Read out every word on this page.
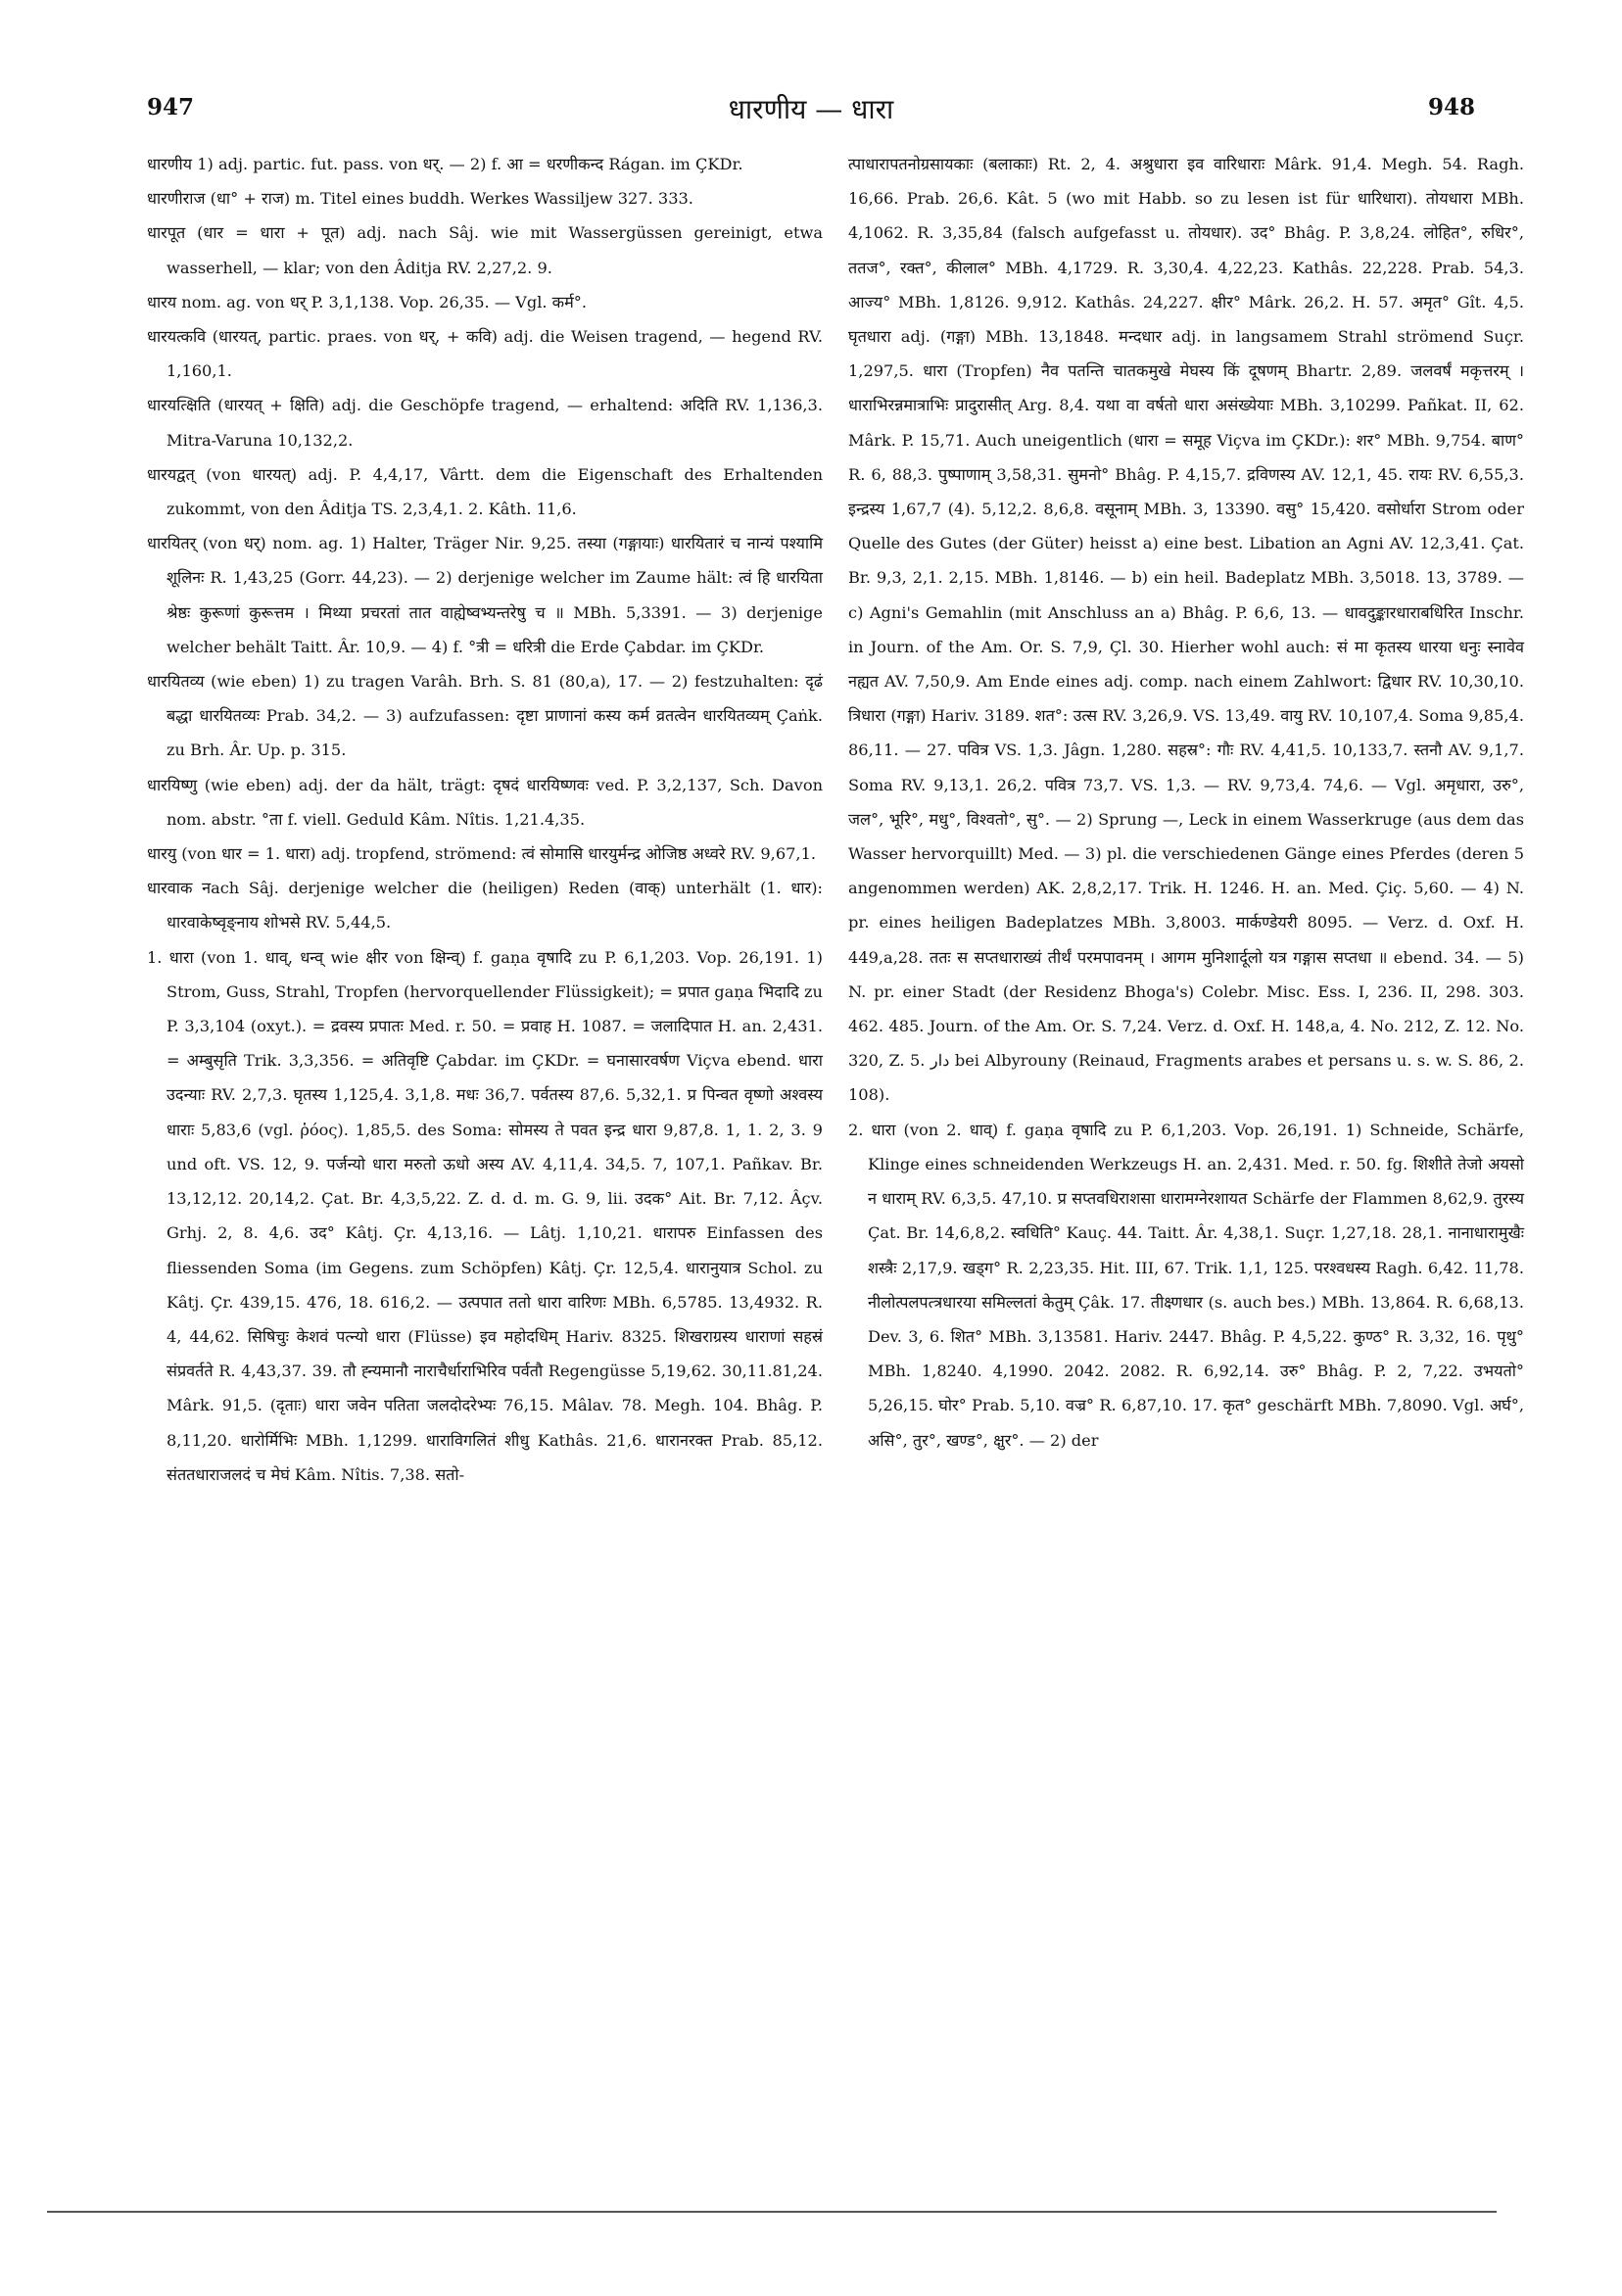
947	धारणीय — धारा	948

धारणीय 1) adj. partic. fut. pass. von धर्. — 2) f. आ = धरणीकन्द Rágan. im ÇKDr.

धारणीराज (धा° + राज) m. Titel eines buddh. Werkes Wassiljew 327. 333.

धारपूत (धार = धारा + पूत) adj. nach Sâj. wie mit Wassergüssen gereinigt, etwa wasserhell, — klar; von den Âditja RV. 2,27,2. 9.

धारय nom. ag. von धर् P. 3,1,138. Vop. 26,35. — Vgl. कर्म°.

धारयत्कवि (धारयत्, partic. praes. von धर्, + कवि) adj. die Weisen tragend, — hegend RV. 1,160,1.

धारयत्क्षिति (धारयत् + क्षिति) adj. die Geschöpfe tragend, — erhaltend: अदिति RV. 1,136,3. Mitra-Varuna 10,132,2.

धारयद्वत् (von धारयत्) adj. P. 4,4,17, Vârtt. dem die Eigenschaft des Erhaltenden zukommt, von den Âditja TS. 2,3,4,1. 2. Kâth. 11,6.

धारयितर् (von धर्) nom. ag. 1) Halter, Träger Nir. 9,25. तस्या (गङ्गायाः) धारयितारं च नान्यं पश्यामि शूलिनः R. 1,43,25 (Gorr. 44,23). — 2) derjenige welcher im Zaume hält: त्वं हि धारयिता श्रेष्ठः कुरूणां कुरूत्तम । मिथ्या प्रचरतां तात वाह्येष्वभ्यन्तरेषु च ॥ MBh. 5,3391. — 3) derjenige welcher behält Taitt. Âr. 10,9. — 4) f. °त्री = धरित्री die Erde Çabdar. im ÇKDr.

धारयितव्य (wie eben) 1) zu tragen Varâh. Brh. S. 81 (80,a), 17. — 2) festzuhalten: दृढं बद्धा धारयितव्यः Prab. 34,2. — 3) aufzufassen: दृष्टा प्राणानां कस्य कर्म व्रतत्वेन धारयितव्यम् Çaṅk. zu Brh. Âr. Up. p. 315.

धारयिष्णु (wie eben) adj. der da hält, trägt: दृषदं धारयिष्णवः ved. P. 3,2,137, Sch. Davon nom. abstr. °ता f. viell. Geduld Kâm. Nîtis. 1,21.4,35.

धारयु (von धार = 1. धारा) adj. tropfend, strömend: त्वं सोमासि धारयुर्मन्द्र ओजिष्ठ अध्वरे RV. 9,67,1.

धारवाक नach Sâj. derjenige welcher die (heiligen) Reden (वाक्) unterhält (1. धार): धारवाकेष्वृङ्नाय शोभसे RV. 5,44,5.

1. धारा (von 1. धाव्, धन्व् wie क्षीर von क्षिन्व्) f. gaṇa वृषादि zu P. 6,1,203. Vop. 26,191. 1) Strom, Guss, Strahl, Tropfen (hervorquellender Flüssigkeit); = प्रपात gaṇa भिदादि zu P. 3,3,104 (oxyt.). = द्रवस्य प्रपातः Med. r. 50. = प्रवाह H. 1087. = जलादिपात H. an. 2,431. = अम्बुसृति Trik. 3,3,356. = अतिवृष्टि Çabdar. im ÇKDr. = घनासारवर्षण Viçva ebend. धारा उदन्याः RV. 2,7,3. घृतस्य 1,125,4. 3,1,8. मधः 36,7. पर्वतस्य 87,6. 5,32,1. प्र पिन्वत वृष्णो अश्वस्य धाराः 5,83,6 (vgl. ῥόος). 1,85,5. des Soma: सोमस्य ते पवत इन्द्र धारा 9,87,8. 1, 1. 2, 3. 9 und oft. VS. 12, 9. पर्जन्यो धारा मरुतो ऊधो अस्य AV. 4,11,4. 34,5. 7, 107,1. Pañkav. Br. 13,12,12. 20,14,2. Çat. Br. 4,3,5,22. Z. d. d. m. G. 9, lii. उदक° Ait. Br. 7,12. Âçv. Grhj. 2, 8. 4,6. उद° Kâtj. Çr. 4,13,16. — Lâtj. 1,10,21. धारापरु Einfassen des fliessenden Soma (im Gegens. zum Schöpfen) Kâtj. Çr. 12,5,4. धारानुयात्र Schol. zu Kâtj. Çr. 439,15. 476, 18. 616,2. — उत्पपात ततो धारा वारिणः MBh. 6,5785. 13,4932. R. 4, 44,62. सिषिचुः केशवं पत्न्यो धारा (Flüsse) इव महोदधिम् Hariv. 8325. शिखराग्रस्य धाराणां सहस्रं संप्रवर्तते R. 4,43,37. 39. तौ ह्न्यमानौ नाराचैर्धाराभिरिव पर्वतौ Regengüsse 5,19,62. 30,11.81,24. Mârk. 91,5. (दृताः) धारा जवेन पतिता जलदोदरेभ्यः 76,15. Mâlav. 78. Megh. 104. Bhâg. P. 8,11,20. धारोर्मिभिः MBh. 1,1299. धाराविगलितं शीधु Kathâs. 21,6. धारानरक्त Prab. 85,12. संततधाराजलदं च मेघं Kâm. Nîtis. 7,38. सतो-

त्पाधारापतनोग्रसायकाः (बलाकाः) Rt. 2, 4. अश्रुधारा इव वारिधाराः Mârk. 91,4. Megh. 54. Ragh. 16,66. Prab. 26,6. Kât. 5 (wo mit Habb. so zu lesen ist für धारिधारा). तोयधारा MBh. 4,1062. R. 3,35,84 (falsch aufgefasst u. तोयधार). उद° Bhâg. P. 3,8,24. लोहित°, रुधिर°, ततज°, रक्त°, कीलाल° MBh. 4,1729. R. 3,30,4. 4,22,23. Kathâs. 22,228. Prab. 54,3. आज्य° MBh. 1,8126. 9,912. Kathâs. 24,227. क्षीर° Mârk. 26,2. H. 57. अमृत° Gît. 4,5. घृतधारा adj. (गङ्गा) MBh. 13,1848. मन्दधार adj. in langsamem Strahl strömend Suçr. 1,297,5. धारा (Tropfen) नैव पतन्ति चातकमुखे मेघस्य किं दूषणम् Bhartr. 2,89. जलवर्षं मकृत्तरम् । धाराभिरन्नमात्राभिः प्रादुरासीत् Arg. 8,4. यथा वा वर्षतो धारा असंख्येयाः MBh. 3,10299. Pañkat. II, 62. Mârk. P. 15,71. Auch uneigentlich (धारा = समूह Viçva im ÇKDr.): शर° MBh. 9,754. बाण° R. 6, 88,3. पुष्पाणाम् 3,58,31. सुमनो° Bhâg. P. 4,15,7. द्रविणस्य AV. 12,1, 45. रायः RV. 6,55,3. इन्द्रस्य 1,67,7 (4). 5,12,2. 8,6,8. वसूनाम् MBh. 3, 13390. वसु° 15,420. वसोर्धारा Strom oder Quelle des Gutes (der Güter) heisst a) eine best. Libation an Agni AV. 12,3,41. Çat. Br. 9,3, 2,1. 2,15. MBh. 1,8146. — b) ein heil. Badeplatz MBh. 3,5018. 13, 3789. — c) Agni's Gemahlin (mit Anschluss an a) Bhâg. P. 6,6, 13. — धावदुङ्कारधाराबधिरित Inschr. in Journ. of the Am. Or. S. 7,9, Çl. 30. Hierher wohl auch: सं मा कृतस्य धारया धनुः स्नावेव नह्यत AV. 7,50,9. Am Ende eines adj. comp. nach einem Zahlwort: द्विधार RV. 10,30,10. त्रिधारा (गङ्गा) Hariv. 3189. शत°: उत्स RV. 3,26,9. VS. 13,49. वायु RV. 10,107,4. Soma 9,85,4. 86,11. — 27. पवित्र VS. 1,3. Jâgn. 1,280. सहस्र°: गौः RV. 4,41,5. 10,133,7. स्तनौ AV. 9,1,7. Soma RV. 9,13,1. 26,2. पवित्र 73,7. VS. 1,3. — RV. 9,73,4. 74,6. — Vgl. अमृधारा, उरु°, जल°, भूरि°, मधु°, विश्वतो°, सु°. — 2) Sprung —, Leck in einem Wasserkruge (aus dem das Wasser hervorquillt) Med. — 3) pl. die verschiedenen Gänge eines Pferdes (deren 5 angenommen werden) AK. 2,8,2,17. Trik. H. 1246. H. an. Med. Çiç. 5,60. — 4) N. pr. eines heiligen Badeplatzes MBh. 3,8003. मार्कण्डेयरी 8095. — Verz. d. Oxf. H. 449,a,28. ततः स सप्तधाराख्यं तीर्थं परमपावनम् । आगम मुनिशार्दूलो यत्र गङ्गास सप्तधा ॥ ebend. 34. — 5) N. pr. einer Stadt (der Residenz Bhoga's) Colebr. Misc. Ess. I, 236. II, 298. 303. 462. 485. Journ. of the Am. Or. S. 7,24. Verz. d. Oxf. H. 148,a, 4. No. 212, Z. 12. No. 320, Z. 5. دار bei Albyrouny (Reinaud, Fragments arabes et persans u. s. w. S. 86, 2. 108).

2. धारा (von 2. धाव्) f. gaṇa वृषादि zu P. 6,1,203. Vop. 26,191. 1) Schneide, Schärfe, Klinge eines schneidenden Werkzeugs H. an. 2,431. Med. r. 50. fg. शिशीते तेजो अयसो न धाराम् RV. 6,3,5. 47,10. प्र सप्तवधिराशसा धारामग्नेरशायत Schärfe der Flammen 8,62,9. तुरस्य Çat. Br. 14,6,8,2. स्वधिति° Kauç. 44. Taitt. Âr. 4,38,1. Suçr. 1,27,18. 28,1. नानाधारामुखैः शस्त्रैः 2,17,9. खड्ग° R. 2,23,35. Hit. III, 67. Trik. 1,1, 125. परश्वधस्य Ragh. 6,42. 11,78. नीलोत्पलपत्त्रधारया समिल्लतां केतुम् Çâk. 17. तीक्ष्णधार (s. auch bes.) MBh. 13,864. R. 6,68,13. Dev. 3, 6. शित° MBh. 3,13581. Hariv. 2447. Bhâg. P. 4,5,22. कुण्ठ° R. 3,32, 16. पृथु° MBh. 1,8240. 4,1990. 2042. 2082. R. 6,92,14. उरु° Bhâg. P. 2, 7,22. उभयतो° 5,26,15. घोर° Prab. 5,10. वज्र° R. 6,87,10. 17. कृत° geschärft MBh. 7,8090. Vgl. अर्घ°, असि°, तुर°, खण्ड°, क्षुर°. — 2) der
